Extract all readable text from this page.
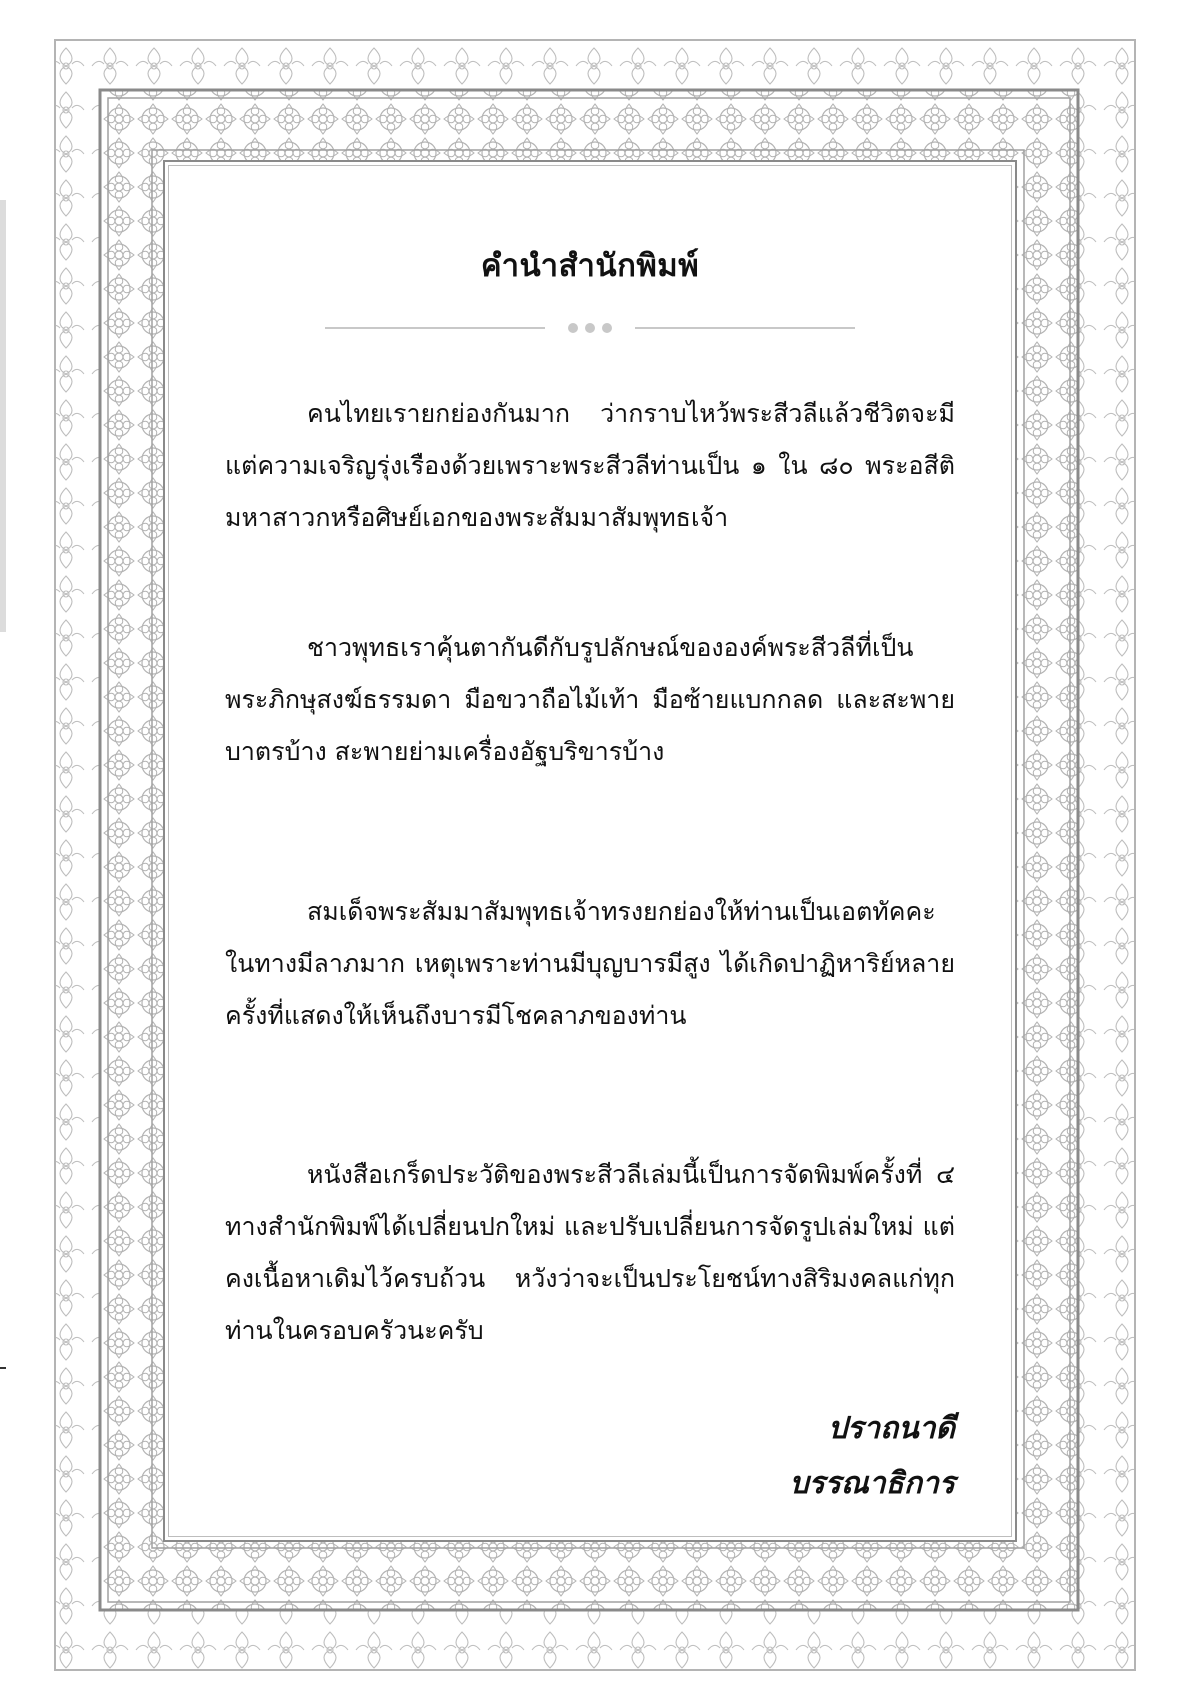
คำนำสำนักพิมพ์

คนไทยเรายกย่องกันมาก ว่ากราบไหว้พระสีวลีแล้วชีวิตจะมีแต่ความเจริญรุ่งเรืองด้วยเพราะพระสีวลีท่านเป็น ๑ ใน ๘๐ พระอสีติมหาสาวกหรือศิษย์เอกของพระสัมมาสัมพุทธเจ้า

ชาวพุทธเราคุ้นตากันดีกับรูปลักษณ์ขององค์พระสีวลีที่เป็นพระภิกษุสงฆ์ธรรมดา มือขวาถือไม้เท้า มือซ้ายแบกกลด และสะพายบาตรบ้าง สะพายย่ามเครื่องอัฐบริขารบ้าง

สมเด็จพระสัมมาสัมพุทธเจ้าทรงยกย่องให้ท่านเป็นเอตทัคคะในทางมีลาภมาก เหตุเพราะท่านมีบุญบารมีสูง ได้เกิดปาฏิหาริย์หลายครั้งที่แสดงให้เห็นถึงบารมีโชคลาภของท่าน

หนังสือเกร็ดประวัติของพระสีวลีเล่มนี้เป็นการจัดพิมพ์ครั้งที่ ๔ ทางสำนักพิมพ์ได้เปลี่ยนปกใหม่ และปรับเปลี่ยนการจัดรูปเล่มใหม่ แต่คงเนื้อหาเดิมไว้ครบถ้วน หวังว่าจะเป็นประโยชน์ทางสิริมงคลแก่ทุกท่านในครอบครัวนะครับ

ปราถนาดี
บรรณาธิการ
